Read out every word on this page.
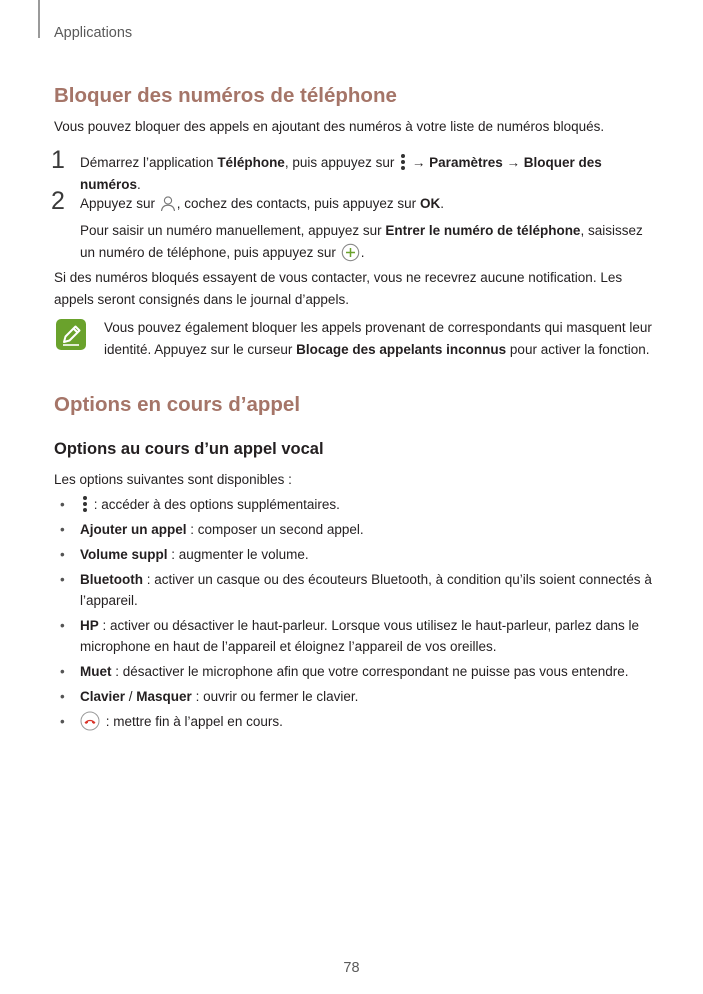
Applications
Bloquer des numéros de téléphone

Vous pouvez bloquer des appels en ajoutant des numéros à votre liste de numéros bloqués.

1 Démarrez l’application Téléphone, puis appuyez sur
→ Paramètres → Bloquer des numéros.

2 Appuyez sur , cochez des contacts, puis appuyez sur OK.

Pour saisir un numéro manuellement, appuyez sur Entrer le numéro de téléphone, saisissez un numéro de téléphone, puis appuyez sur .

Si des numéros bloqués essayent de vous contacter, vous ne recevrez aucune notification. Les appels seront consignés dans le journal d’appels.

Vous pouvez également bloquer les appels provenant de correspondants qui masquent leur identité. Appuyez sur le curseur Blocage des appelants inconnus pour activer la fonction.

Options en cours d’appel
Options au cours d’un appel vocal

Les options suivantes sont disponibles :

• : accéder à des options supplémentaires.
• Ajouter un appel : composer un second appel.
• Volume suppl : augmenter le volume.
• Bluetooth : activer un casque ou des écouteurs Bluetooth, à condition qu’ils soient connectés à l’appareil.
• HP : activer ou désactiver le haut-parleur. Lorsque vous utilisez le haut-parleur, parlez dans le microphone en haut de l’appareil et éloignez l’appareil de vos oreilles.
• Muet : désactiver le microphone afin que votre correspondant ne puisse pas vous entendre.
• Clavier / Masquer : ouvrir ou fermer le clavier.
•	: mettre fin à l’appel en cours.
78
